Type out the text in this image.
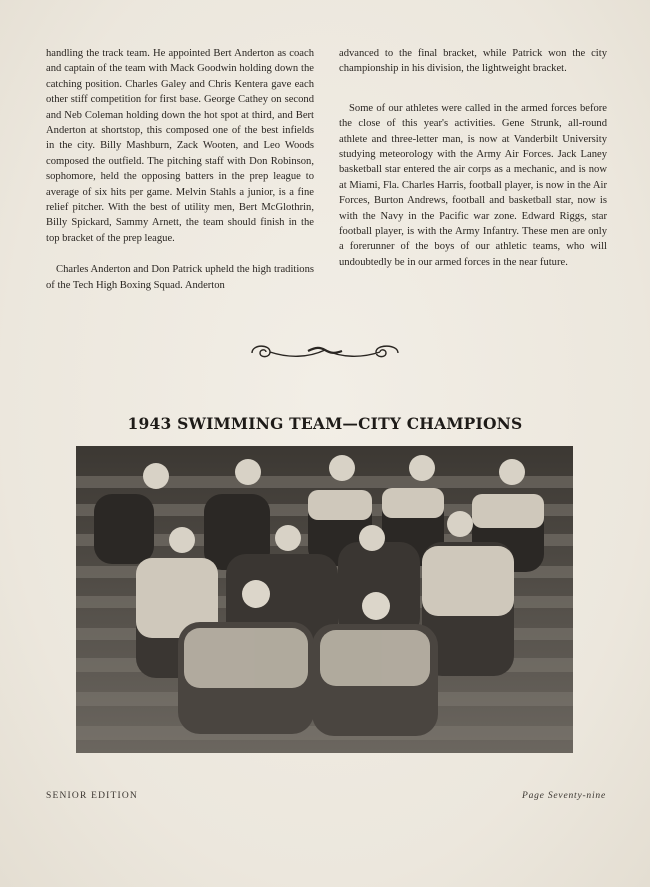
handling the track team. He appointed Bert Anderton as coach and captain of the team with Mack Goodwin holding down the catching position. Charles Galey and Chris Kentera gave each other stiff competition for first base. George Cathey on second and Neb Coleman holding down the hot spot at third, and Bert Anderton at shortstop, this composed one of the best infields in the city. Billy Mashburn, Zack Wooten, and Leo Woods composed the outfield. The pitching staff with Don Robinson, sophomore, held the opposing batters in the prep league to average of six hits per game. Melvin Stahls a junior, is a fine relief pitcher. With the best of utility men, Bert McGlothrin, Billy Spickard, Sammy Arnett, the team should finish in the top bracket of the prep league.

Charles Anderton and Don Patrick upheld the high traditions of the Tech High Boxing Squad. Anderton

advanced to the final bracket, while Patrick won the city championship in his division, the lightweight bracket.

Some of our athletes were called in the armed forces before the close of this year's activities. Gene Strunk, all-round athlete and three-letter man, is now at Vanderbilt University studying meteorology with the Army Air Forces. Jack Laney basketball star entered the air corps as a mechanic, and is now at Miami, Fla. Charles Harris, football player, is now in the Air Forces, Burton Andrews, football and basketball star, now is with the Navy in the Pacific war zone. Edward Riggs, star football player, is with the Army Infantry. These men are only a forerunner of the boys of our athletic teams, who will undoubtedly be in our armed forces in the near future.

1943 SWIMMING TEAM—CITY CHAMPIONS
SENIOR EDITION	Page Seventy-nine
